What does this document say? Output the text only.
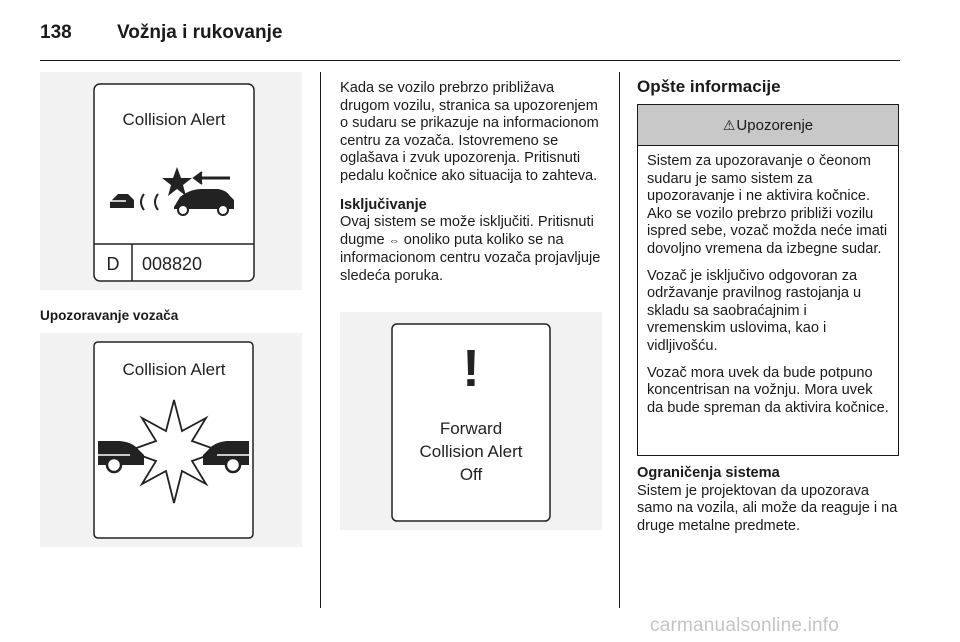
138 Vožnja i rukovanje
Collision Alert
D 008820
Upozoravanje vozača
Collision Alert

Kada se vozilo prebrzo približava drugom vozilu, stranica sa upozorenjem o sudaru se prikazuje na informacionom centru za vozača. Istovremeno se oglašava i zvuk upozorenja. Pritisnuti pedalu kočnice ako situacija to zahteva.

Isključivanje

Ovaj sistem se može isključiti. Pritisnuti dugme ⇔ onoliko puta koliko se na informacionom centru vozača projavljuje sledeća poruka.

!
Forward
Collision Alert
Off
Opšte informacije
⚠ Upozorenje

Sistem za upozoravanje o čeonom sudaru je samo sistem za upozoravanje i ne aktivira kočnice. Ako se vozilo prebrzo približi vozilu ispred sebe, vozač možda neće imati dovoljno vremena da izbegne sudar.

Vozač je isključivo odgovoran za održavanje pravilnog rastojanja u skladu sa saobraćajnim i vremenskim uslovima, kao i vidljivošću.

Vozač mora uvek da bude potpuno koncentrisan na vožnju. Mora uvek da bude spreman da aktivira kočnice.

Ograničenja sistema

Sistem je projektovan da upozorava samo na vozila, ali može da reaguje i na druge metalne predmete.

carmanualsonline.info
